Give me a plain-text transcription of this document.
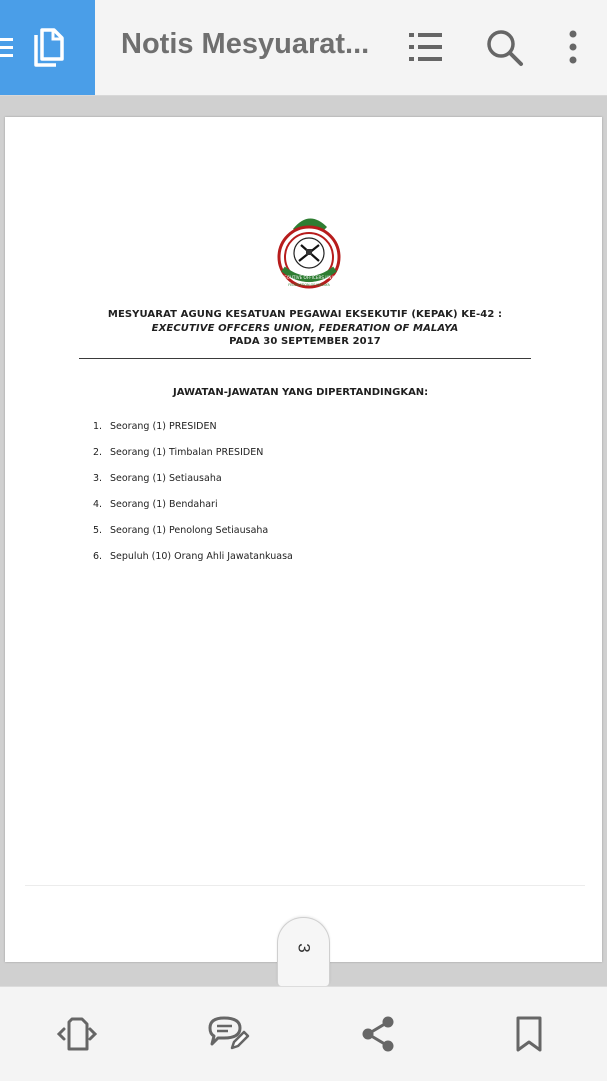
Notis Mesyuarat...
EXECUTIVE OFFICERS UNION
FEDERATION OF MALAYA
MESYUARAT AGUNG KESATUAN PEGAWAI EKSEKUTIF (KEPAK) KE-42 :
EXECUTIVE OFFCERS UNION, FEDERATION OF MALAYA
PADA 30 SEPTEMBER 2017
JAWATAN-JAWATAN YANG DIPERTANDINGKAN:
1. Seorang (1) PRESIDEN
2. Seorang (1) Timbalan PRESIDEN
3. Seorang (1) Setiausaha
4. Seorang (1) Bendahari
5. Seorang (1) Penolong Setiausaha
6. Sepuluh (10) Orang Ahli Jawatankuasa
3
